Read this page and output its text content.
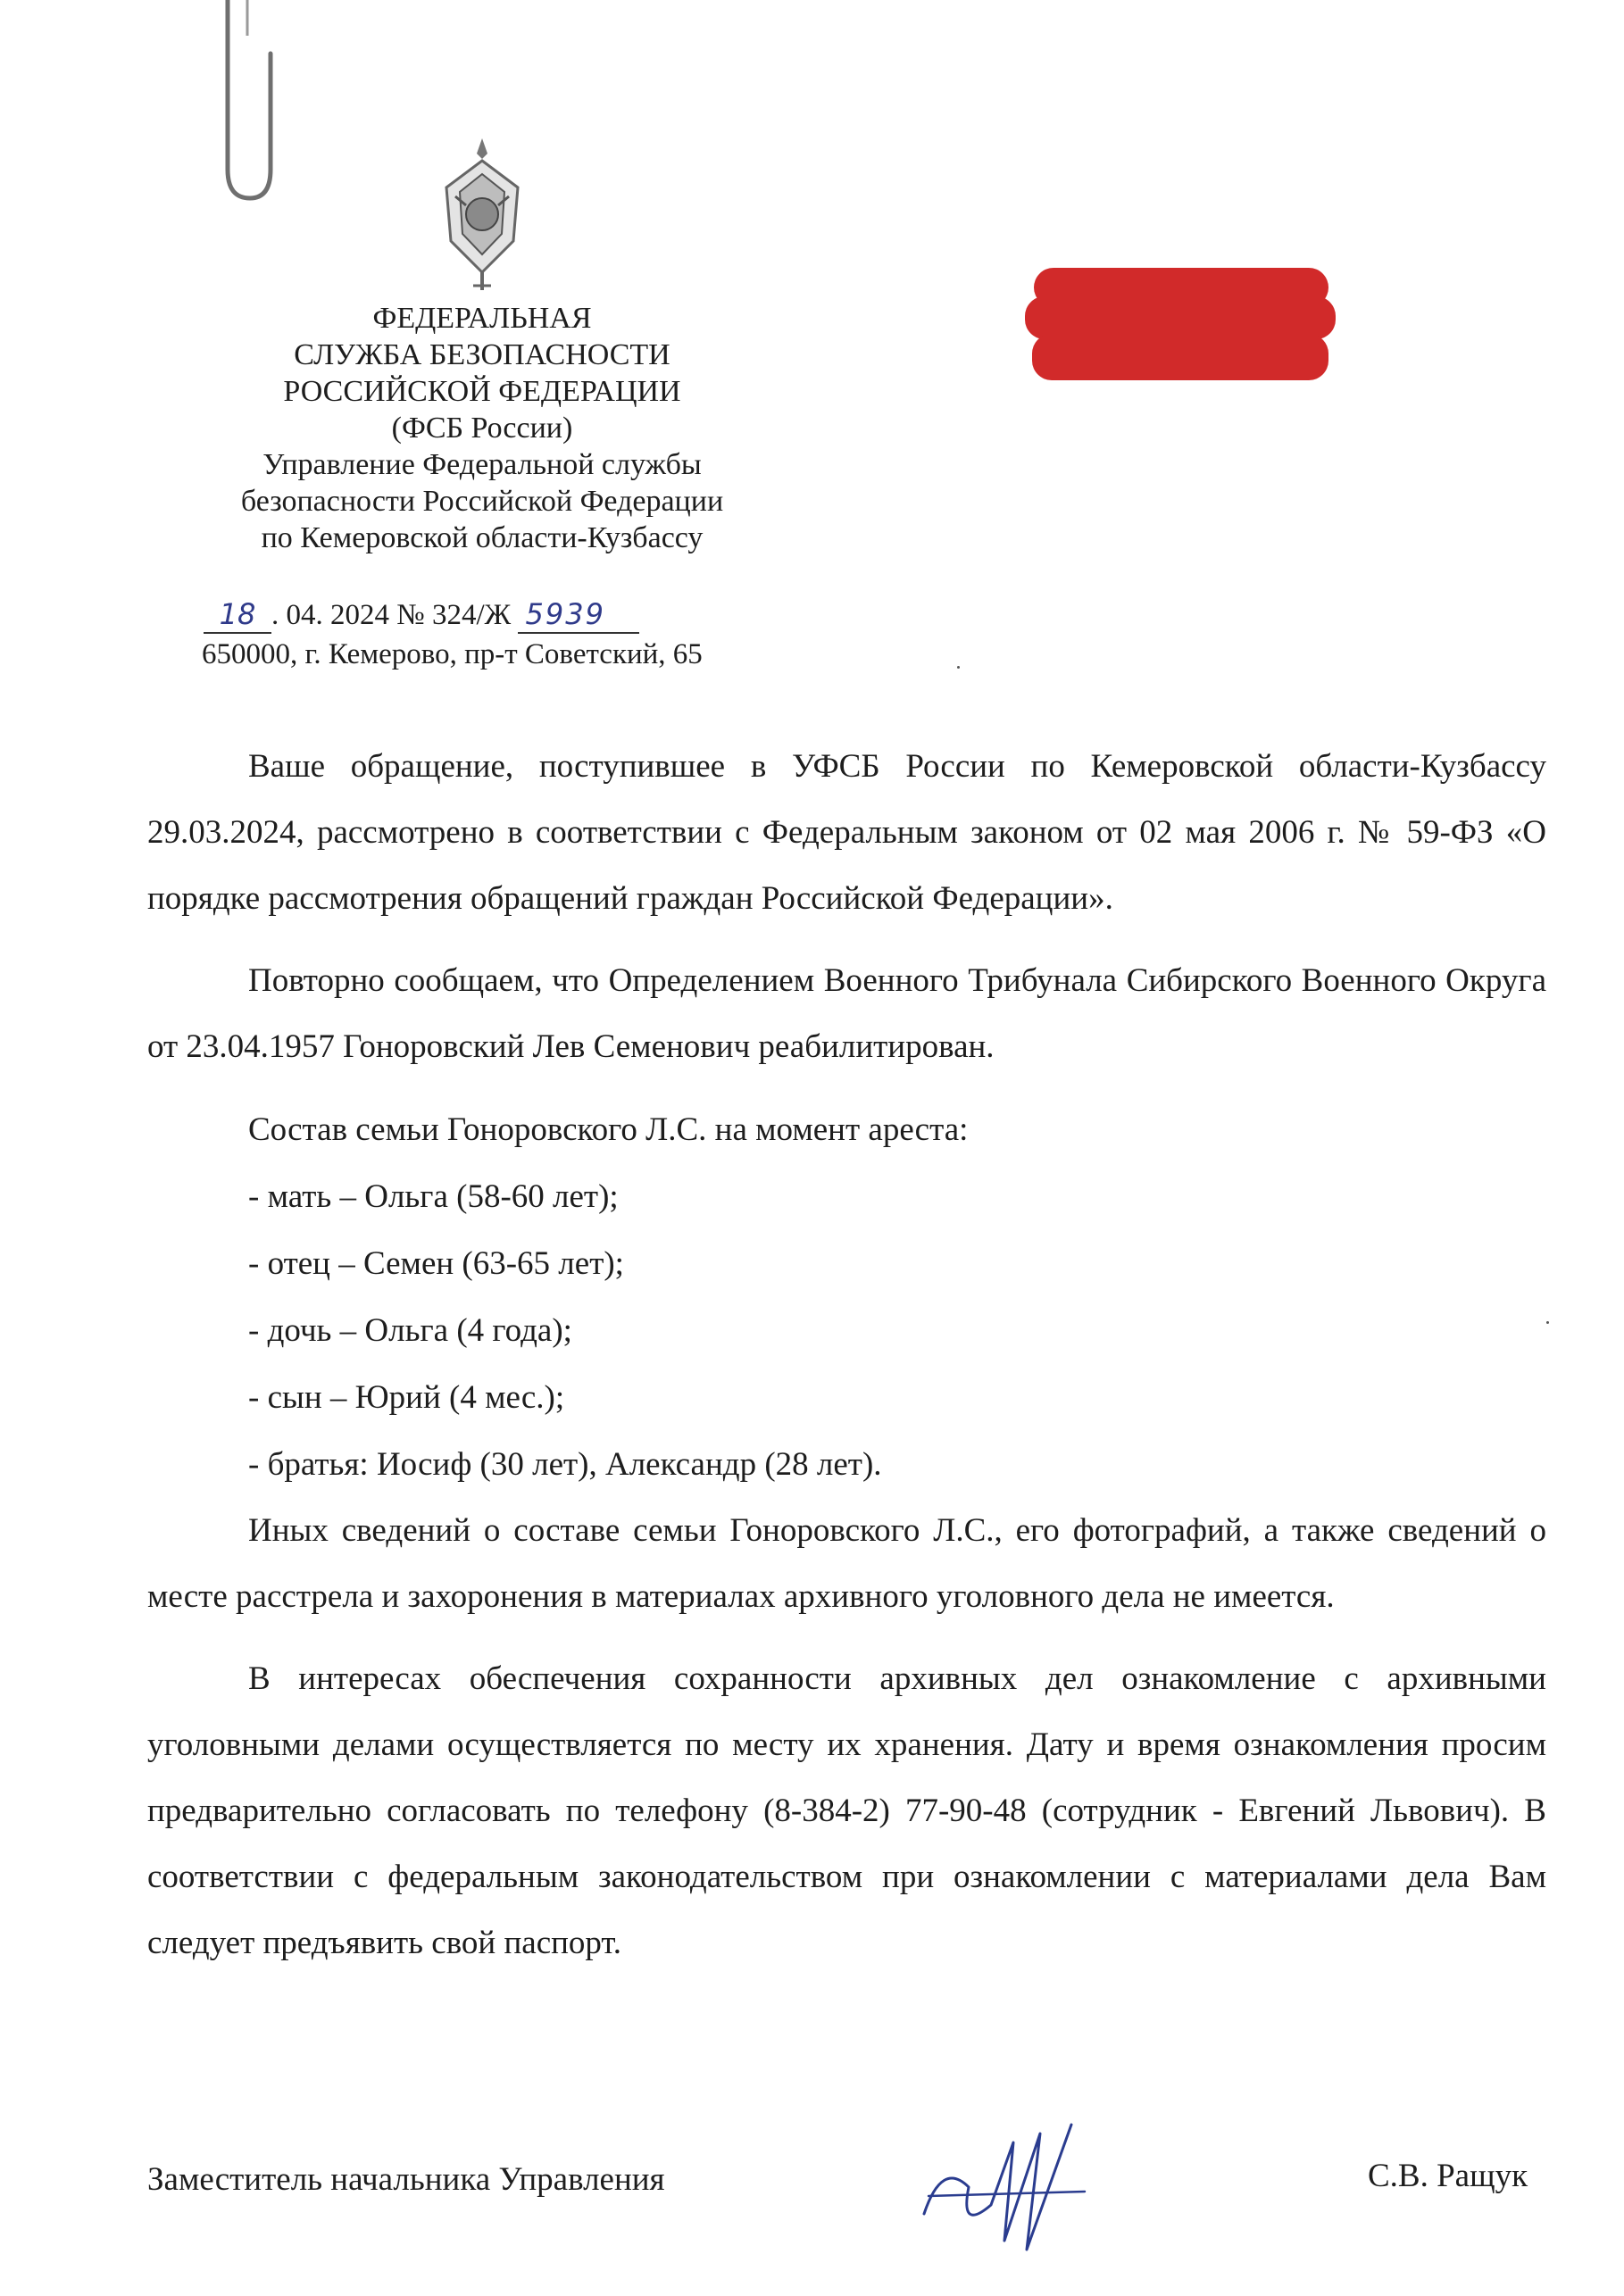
ФЕДЕРАЛЬНАЯ
СЛУЖБА БЕЗОПАСНОСТИ
РОССИЙСКОЙ ФЕДЕРАЦИИ
(ФСБ России)
Управление Федеральной службы
безопасности Российской Федерации
по Кемеровской области-Кузбассу
18 . 04. 2024 № 324/Ж 5939
650000, г. Кемерово, пр-т Советский, 65

Ваше обращение, поступившее в УФСБ России по Кемеровской области-Кузбассу 29.03.2024, рассмотрено в соответствии с Федеральным законом от 02 мая 2006 г. № 59-ФЗ «О порядке рассмотрения обращений граждан Российской Федерации».

Повторно сообщаем, что Определением Военного Трибунала Сибирского Военного Округа от 23.04.1957 Гоноровский Лев Семенович реабилитирован.

Состав семьи Гоноровского Л.С. на момент ареста:

- мать – Ольга (58-60 лет);

- отец – Семен (63-65 лет);

- дочь – Ольга (4 года);

- сын – Юрий (4 мес.);

- братья: Иосиф (30 лет), Александр (28 лет).

Иных сведений о составе семьи Гоноровского Л.С., его фотографий, а также сведений о месте расстрела и захоронения в материалах архивного уголовного дела не имеется.

В интересах обеспечения сохранности архивных дел ознакомление с архивными уголовными делами осуществляется по месту их хранения. Дату и время ознакомления просим предварительно согласовать по телефону (8-384-2) 77-90-48 (сотрудник - Евгений Львович). В соответствии с федеральным законодательством при ознакомлении с материалами дела Вам следует предъявить свой паспорт.

Заместитель начальника Управления	С.В. Ращук
